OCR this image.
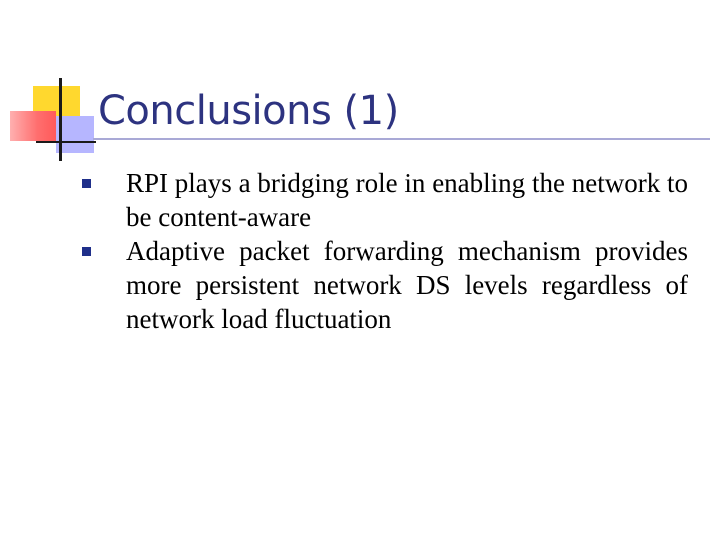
Conclusions (1)
RPI plays a bridging role in enabling the network to be content-aware
Adaptive packet forwarding mechanism provides more persistent network DS levels regardless of network load fluctuation
